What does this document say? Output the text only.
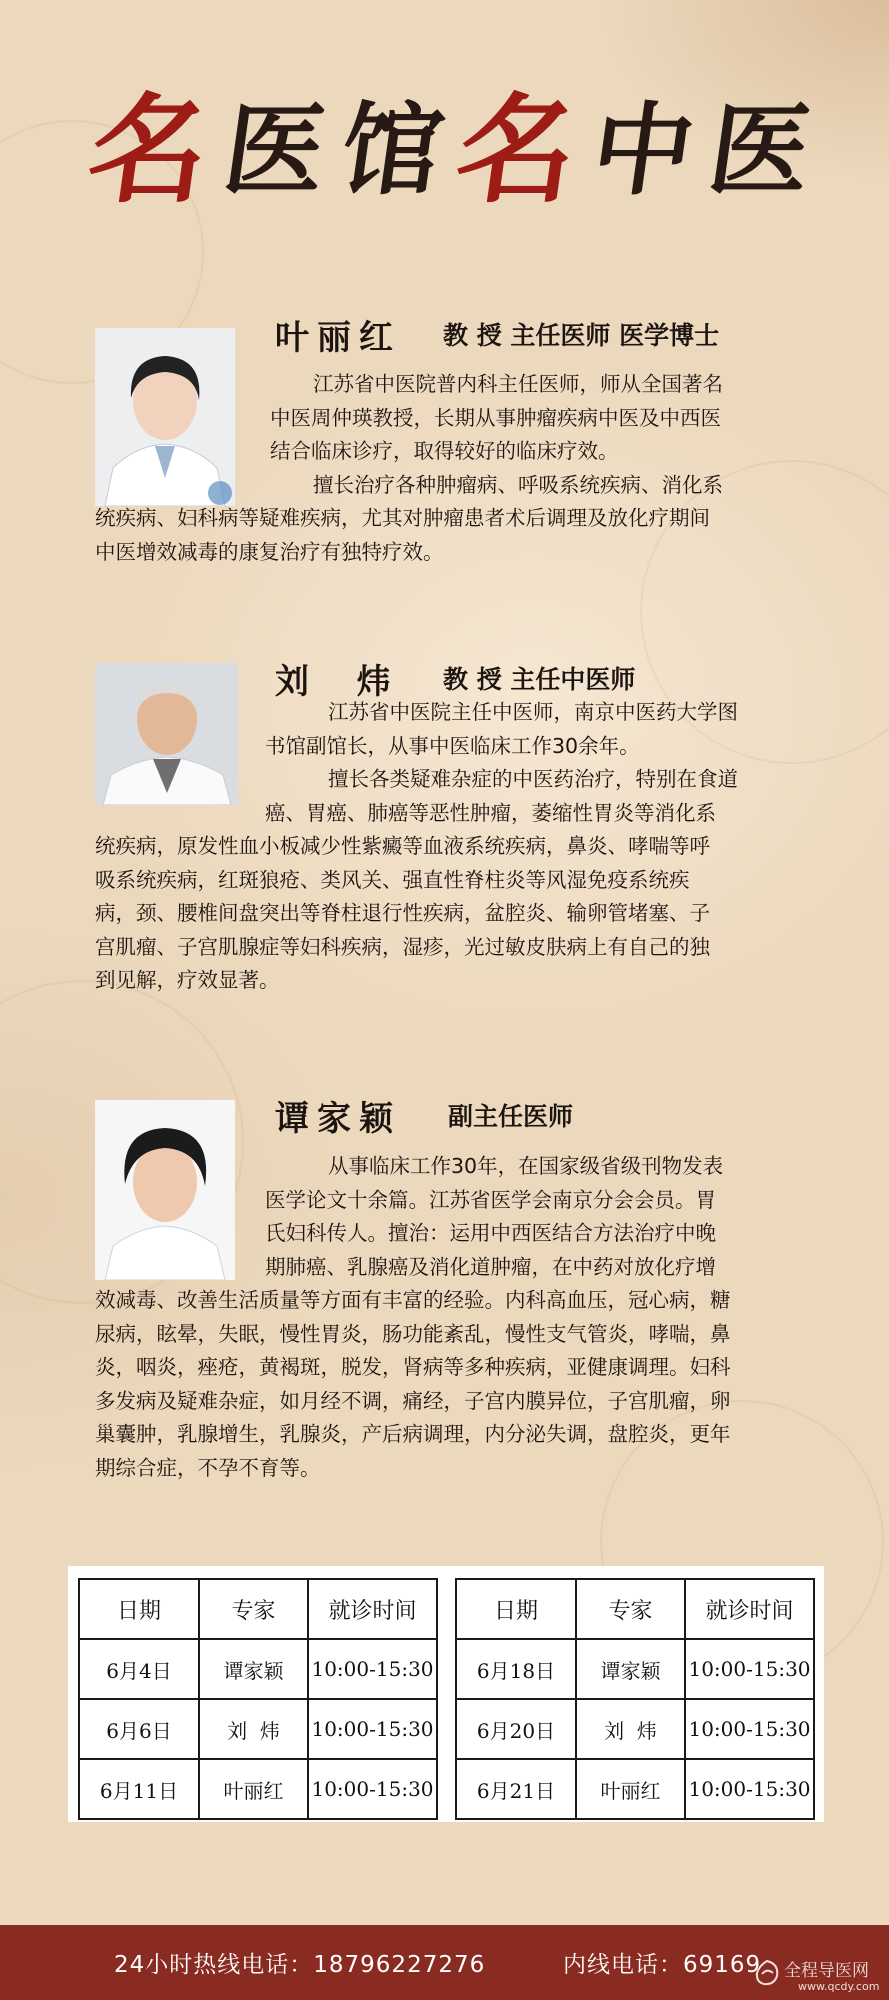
名
医 馆
名
中 医
叶丽红 教 授 主任医师 医学博士
江苏省中医院普内科主任医师，师从全国著名
中医周仲瑛教授，长期从事肿瘤疾病中医及中西医
结合临床诊疗，取得较好的临床疗效。
擅长治疗各种肿瘤病、呼吸系统疾病、消化系
统疾病、妇科病等疑难疾病，尤其对肿瘤患者术后调理及放化疗期间
中医增效减毒的康复治疗有独特疗效。
刘  炜 教 授 主任中医师
江苏省中医院主任中医师，南京中医药大学图
书馆副馆长，从事中医临床工作30余年。
擅长各类疑难杂症的中医药治疗，特别在食道
癌、胃癌、肺癌等恶性肿瘤，萎缩性胃炎等消化系
统疾病，原发性血小板减少性紫癜等血液系统疾病，鼻炎、哮喘等呼
吸系统疾病，红斑狼疮、类风关、强直性脊柱炎等风湿免疫系统疾
病，颈、腰椎间盘突出等脊柱退行性疾病，盆腔炎、输卵管堵塞、子
宫肌瘤、子宫肌腺症等妇科疾病，湿疹，光过敏皮肤病上有自己的独
到见解，疗效显著。
谭家颖 副主任医师
从事临床工作30年，在国家级省级刊物发表
医学论文十余篇。江苏省医学会南京分会会员。胃
氏妇科传人。擅治：运用中西医结合方法治疗中晚
期肺癌、乳腺癌及消化道肿瘤，在中药对放化疗增
效减毒、改善生活质量等方面有丰富的经验。内科高血压，冠心病，糖
尿病，眩晕，失眠，慢性胃炎，肠功能紊乱，慢性支气管炎，哮喘，鼻
炎，咽炎，痤疮，黄褐斑，脱发，肾病等多种疾病，亚健康调理。妇科
多发病及疑难杂症，如月经不调，痛经，子宫内膜异位，子宫肌瘤，卵
巢囊肿，乳腺增生，乳腺炎，产后病调理，内分泌失调，盘腔炎，更年
期综合症，不孕不育等。
日期	专家	就诊时间
6月4日	谭家颖	10:00-15:30
6月6日	刘  炜	10:00-15:30
6月11日	叶丽红	10:00-15:30
日期	专家	就诊时间
6月18日	谭家颖	10:00-15:30
6月20日	刘  炜	10:00-15:30
6月21日	叶丽红	10:00-15:30
24小时热线电话：18796227276	内线电话：69169 全程导医网
www.qcdy.com
